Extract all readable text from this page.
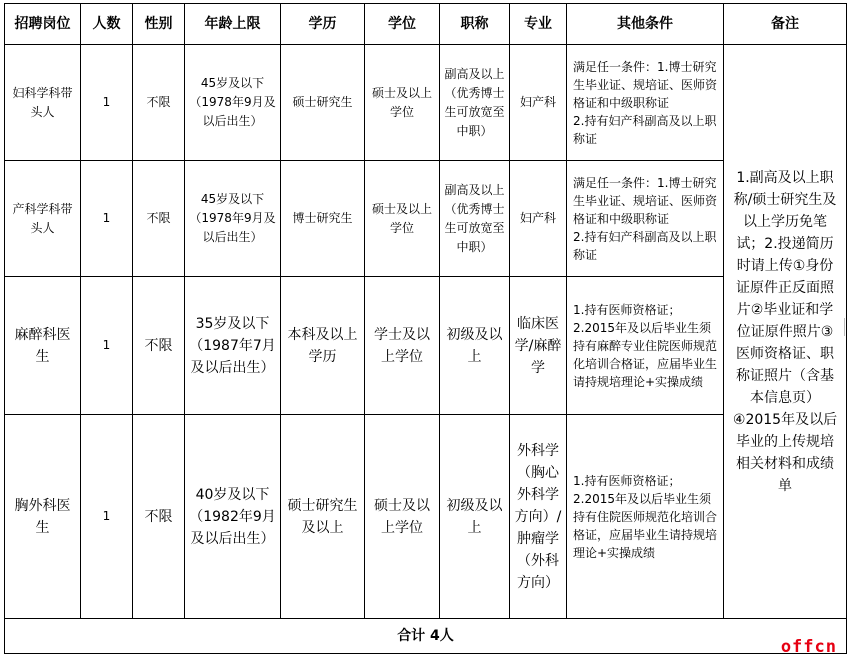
招聘岗位	人数	性别	年龄上限	学历	学位	职称	专业	其他条件	备注
妇科学科带头人	1	不限	45岁及以下（1978年9月及以后出生）	硕士研究生	硕士及以上学位	副高及以上（优秀博士生可放宽至中职）	妇产科	满足任一条件：1.博士研究生毕业证、规培证、医师资格证和中级职称证
2.持有妇产科副高及以上职称证	1.副高及以上职称/硕士研究生及以上学历免笔试；2.投递简历时请上传①身份证原件正反面照片②毕业证和学位证原件照片③医师资格证、职称证照片（含基本信息页）④2015年及以后毕业的上传规培相关材料和成绩单
产科学科带头人	1	不限	45岁及以下（1978年9月及以后出生）	博士研究生	硕士及以上学位	副高及以上（优秀博士生可放宽至中职）	妇产科	满足任一条件：1.博士研究生毕业证、规培证、医师资格证和中级职称证
2.持有妇产科副高及以上职称证	

麻醉科医生	1	不限	35岁及以下（1987年7月及以后出生）	本科及以上学历	学士及以上学位	初级及以上	临床医学/麻醉学	1.持有医师资格证；
2.2015年及以后毕业生须持有麻醉专业住院医师规范化培训合格证，应届毕业生请持规培理论+实操成绩	

胸外科医生	1	不限	40岁及以下（1982年9月及以后出生）	硕士研究生及以上	硕士及以上学位	初级及以上	外科学（胸心外科学方向）/肿瘤学（外科方向）	1.持有医师资格证；
2.2015年及以后毕业生须持有住院医师规范化培训合格证，应届毕业生请持规培理论+实操成绩	

合计 4人									
offcn
